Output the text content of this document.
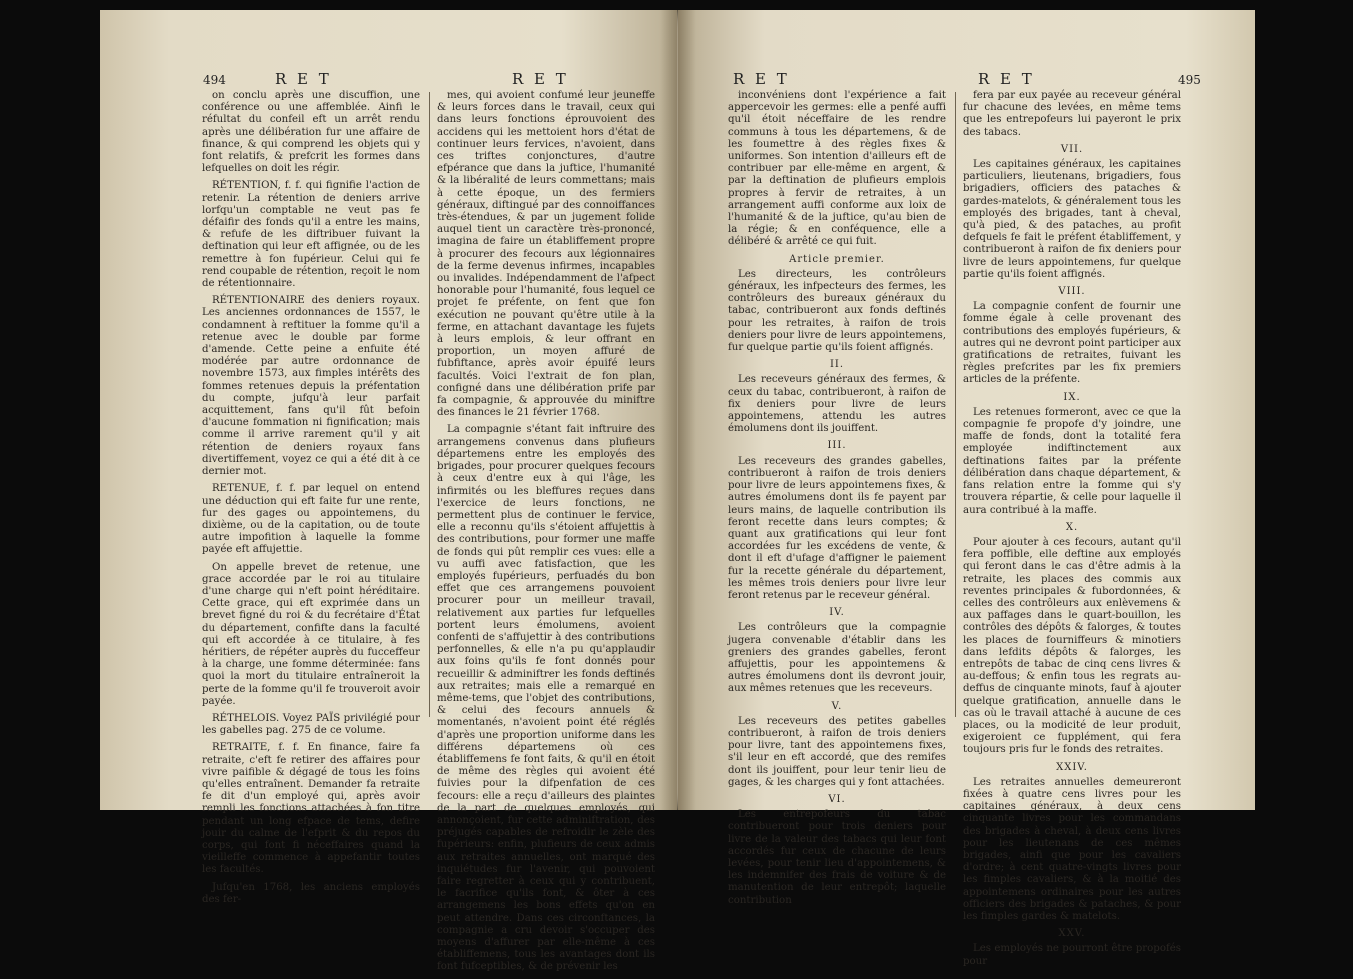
494	R E T	R E T

on conclu après une discuffion, une conférence ou une affemblée. Ainfi le réfultat du confeil eft un arrêt rendu après une délibération fur une affaire de finance, & qui comprend les objets qui y font relatifs, & prefcrit les formes dans lefquelles on doit les régir.

RÉTENTION, f. f. qui fignifie l'action de retenir. La rétention de deniers arrive lorfqu'un comptable ne veut pas fe défaifir des fonds qu'il a entre les mains, & refufe de les diftribuer fuivant la deftination qui leur eft affignée, ou de les remettre à fon fupérieur. Celui qui fe rend coupable de rétention, reçoit le nom de rétentionnaire.

RÉTENTIONAIRE des deniers royaux. Les anciennes ordonnances de 1557, le condamnent à reftituer la fomme qu'il a retenue avec le double par forme d'amende. Cette peine a enfuite été modérée par autre ordonnance de novembre 1573, aux fimples intérêts des fommes retenues depuis la préfentation du compte, jufqu'à leur parfait acquittement, fans qu'il fût befoin d'aucune fommation ni fignification; mais comme il arrive rarement qu'il y ait rétention de deniers royaux fans divertiffement, voyez ce qui a été dit à ce dernier mot.

RETENUE, f. f. par lequel on entend une déduction qui eft faite fur une rente, fur des gages ou appointemens, du dixième, ou de la capitation, ou de toute autre impofition à laquelle la fomme payée eft affujettie.

On appelle brevet de retenue, une grace accordée par le roi au titulaire d'une charge qui n'eft point héréditaire. Cette grace, qui eft exprimée dans un brevet figné du roi & du fecrétaire d'État du département, confifte dans la faculté qui eft accordée à ce titulaire, à fes héritiers, de répéter auprès du fucceffeur à la charge, une fomme déterminée: fans quoi la mort du titulaire entraîneroit la perte de la fomme qu'il fe trouveroit avoir payée.

RÉTHELOIS. Voyez PAÏS privilégié pour les gabelles pag. 275 de ce volume.

RETRAITE, f. f. En finance, faire fa retraite, c'eft fe retirer des affaires pour vivre paifible & dégagé de tous les foins qu'elles entraînent. Demander fa retraite fe dit d'un employé qui, après avoir rempli les fonctions attachées à fon titre pendant un long efpace de tems, defire jouir du calme de l'efprit & du repos du corps, qui font fi néceffaires quand la vieilleffe commence à appefantir toutes les facultés.

Jufqu'en 1768, les anciens employés des fer-

mes, qui avoient confumé leur jeuneffe & leurs forces dans le travail, ceux qui dans leurs fonctions éprouvoient des accidens qui les mettoient hors d'état de continuer leurs fervices, n'avoient, dans ces triftes conjonctures, d'autre efpérance que dans la juftice, l'humanité & la libéralité de leurs commettans; mais à cette époque, un des fermiers généraux, diftingué par des connoiffances très-étendues, & par un jugement folide auquel tient un caractère très-prononcé, imagina de faire un établiffement propre à procurer des fecours aux légionnaires de la ferme devenus infirmes, incapables ou invalides. Indépendamment de l'afpect honorable pour l'humanité, fous lequel ce projet fe préfente, on fent que fon exécution ne pouvant qu'être utile à la ferme, en attachant davantage les fujets à leurs emplois, & leur offrant en proportion, un moyen affuré de fubfiftance, après avoir épuifé leurs facultés. Voici l'extrait de fon plan, configné dans une délibération prife par fa compagnie, & approuvée du miniftre des finances le 21 février 1768.

La compagnie s'étant fait inftruire des arrangemens convenus dans plufieurs départemens entre les employés des brigades, pour procurer quelques fecours à ceux d'entre eux à qui l'âge, les infirmités ou les bleffures reçues dans l'exercice de leurs fonctions, ne permettent plus de continuer le fervice, elle a reconnu qu'ils s'étoient affujettis à des contributions, pour former une maffe de fonds qui pût remplir ces vues: elle a vu auffi avec fatisfaction, que les employés fupérieurs, perfuadés du bon effet que ces arrangemens pouvoient procurer pour un meilleur travail, relativement aux parties fur lefquelles portent leurs émolumens, avoient confenti de s'affujettir à des contributions perfonnelles, & elle n'a pu qu'applaudir aux foins qu'ils fe font donnés pour recueillir & adminiftrer les fonds deftinés aux retraites; mais elle a remarqué en même-tems, que l'objet des contributions, & celui des fecours annuels & momentanés, n'avoient point été réglés d'après une proportion uniforme dans les différens départemens où ces établiffemens fe font faits, & qu'il en étoit de même des règles qui avoient été fuivies pour la difpenfation de ces fecours: elle a reçu d'ailleurs des plaintes de la part de quelques employés, qui annonçoient, fur cette adminiftration, des préjugés capables de refroidir le zèle des fupérieurs: enfin, plufieurs de ceux admis aux retraites annuelles, ont marqué des inquiétudes fur l'avenir, qui pouvoient faire regretter à ceux qui y contribuent, le facrifice qu'ils font, & ôter à ces arrangemens les bons effets qu'on en peut attendre. Dans ces circonftances, la compagnie a cru devoir s'occuper des moyens d'affurer par elle-même à ces établiffemens, tous les avantages dont ils font fufceptibles, & de prévenir les

R E T	R E T	495

inconvéniens dont l'expérience a fait appercevoir les germes: elle a penfé auffi qu'il étoit néceffaire de les rendre communs à tous les départemens, & de les foumettre à des règles fixes & uniformes. Son intention d'ailleurs eft de contribuer par elle-même en argent, & par la deftination de plufieurs emplois propres à fervir de retraites, à un arrangement auffi conforme aux loix de l'humanité & de la juftice, qu'au bien de la régie; & en conféquence, elle a délibéré & arrêté ce qui fuit.

Article premier.

Les directeurs, les contrôleurs généraux, les infpecteurs des fermes, les contrôleurs des bureaux généraux du tabac, contribueront aux fonds deftinés pour les retraites, à raifon de trois deniers pour livre de leurs appointemens, fur quelque partie qu'ils foient affignés.

II.

Les receveurs généraux des fermes, & ceux du tabac, contribueront, à raifon de fix deniers pour livre de leurs appointemens, attendu les autres émolumens dont ils jouiffent.

III.

Les receveurs des grandes gabelles, contribueront à raifon de trois deniers pour livre de leurs appointemens fixes, & autres émolumens dont ils fe payent par leurs mains, de laquelle contribution ils feront recette dans leurs comptes; & quant aux gratifications qui leur font accordées fur les excédens de vente, & dont il eft d'ufage d'affigner le paiement fur la recette générale du département, les mêmes trois deniers pour livre leur feront retenus par le receveur général.

IV.

Les contrôleurs que la compagnie jugera convenable d'établir dans les greniers des grandes gabelles, feront affujettis, pour les appointemens & autres émolumens dont ils devront jouir, aux mêmes retenues que les receveurs.

V.

Les receveurs des petites gabelles contribueront, à raifon de trois deniers pour livre, tant des appointemens fixes, s'il leur en eft accordé, que des remifes dont ils jouiffent, pour leur tenir lieu de gages, & les charges qui y font attachées.

VI.

Les entrepofeurs du tabac contribueront pour trois deniers pour livre de la valeur des tabacs qui leur font accordés fur ceux de chacune de leurs levées, pour tenir lieu d'appointemens, & les indemnifer des frais de voiture & de manutention de leur entrepôt; laquelle contribution

fera par eux payée au receveur général fur chacune des levées, en même tems que les entrepofeurs lui payeront le prix des tabacs.

VII.

Les capitaines généraux, les capitaines particuliers, lieutenans, brigadiers, fous brigadiers, officiers des pataches & gardes-matelots, & généralement tous les employés des brigades, tant à cheval, qu'à pied, & des pataches, au profit defquels fe fait le préfent établiffement, y contribueront à raifon de fix deniers pour livre de leurs appointemens, fur quelque partie qu'ils foient affignés.

VIII.

La compagnie confent de fournir une fomme égale à celle provenant des contributions des employés fupérieurs, & autres qui ne devront point participer aux gratifications de retraites, fuivant les règles prefcrites par les fix premiers articles de la préfente.

IX.

Les retenues formeront, avec ce que la compagnie fe propofe d'y joindre, une maffe de fonds, dont la totalité fera employée indiftinctement aux deftinations faites par la préfente délibération dans chaque département, & fans relation entre la fomme qui s'y trouvera répartie, & celle pour laquelle il aura contribué à la maffe.

X.

Pour ajouter à ces fecours, autant qu'il fera poffible, elle deftine aux employés qui feront dans le cas d'être admis à la retraite, les places des commis aux reventes principales & fubordonnées, & celles des contrôleurs aux enlèvemens & aux paffages dans le quart-bouillon, les contrôles des dépôts & falorges, & toutes les places de fourniffeurs & minotiers dans lefdits dépôts & falorges, les entrepôts de tabac de cinq cens livres & au-deffous; & enfin tous les regrats au-deffus de cinquante minots, fauf à ajouter quelque gratification, annuelle dans le cas où le travail attaché à aucune de ces places, ou la modicité de leur produit, exigeroient ce fupplément, qui fera toujours pris fur le fonds des retraites.

XXIV.

Les retraites annuelles demeureront fixées à quatre cens livres pour les capitaines généraux, à deux cens cinquante livres pour les commandans des brigades à cheval, à deux cens livres pour les lieutenans de ces mêmes brigades, ainfi que pour les cavaliers d'ordre; à cent quatre-vingts livres pour les fimples cavaliers, & à la moitié des appointemens ordinaires pour les autres officiers des brigades & pataches, & pour les fimples gardes & matelots.

XXV.

Les employés ne pourront être propofés pour
